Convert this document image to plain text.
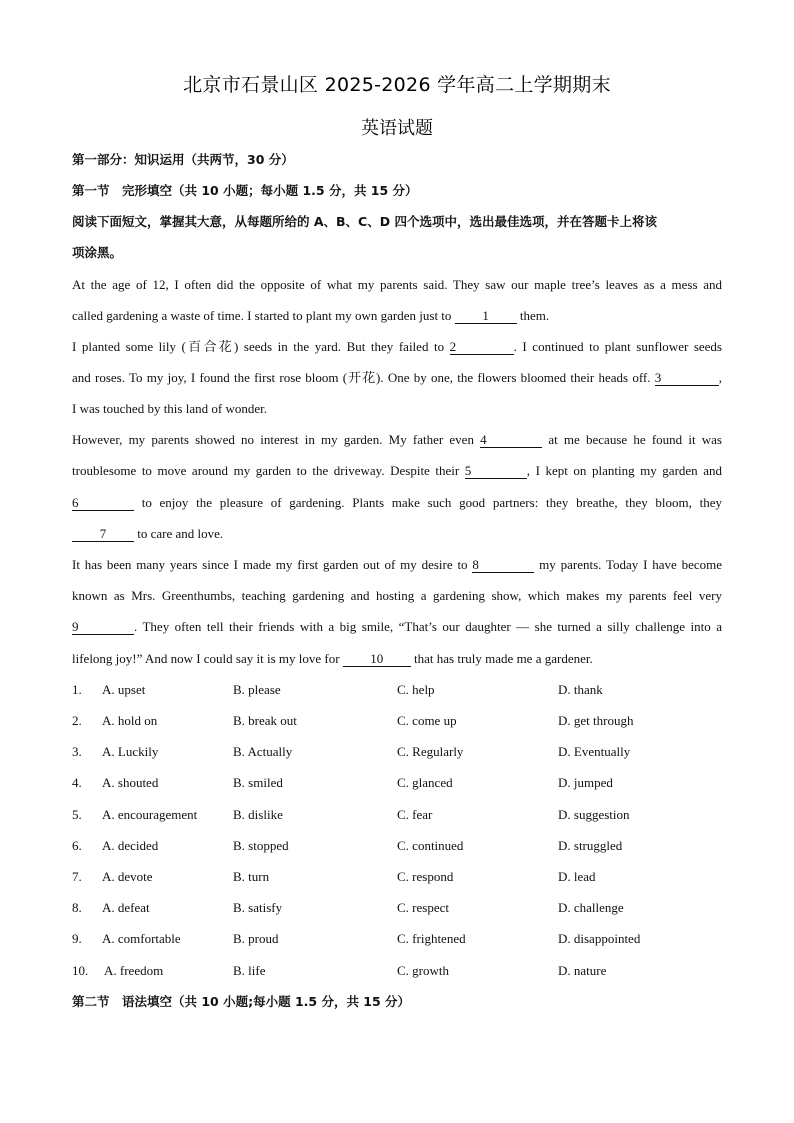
北京市石景山区 2025-2026 学年高二上学期期末
英语试题
第一部分：知识运用（共两节，30 分）
第一节　完形填空（共 10 小题；每小题 1.5 分，共 15 分）
阅读下面短文，掌握其大意，从每题所给的 A、B、C、D 四个选项中，选出最佳选项，并在答题卡上将该
项涂黑。
At the age of 12, I often did the opposite of what my parents said. They saw our maple tree’s leaves as a mess and
called gardening a waste of time. I started to plant my own garden just to 1 them.
I planted some lily (百合花) seeds in the yard. But they failed to 2	. I continued to plant sunflower seeds
and roses. To my joy, I found the first rose bloom (开花). One by one, the flowers bloomed their heads off. 3	,
I was touched by this land of wonder.
However, my parents showed no interest in my garden. My father even 4	at me because he found it was
troublesome to move around my garden to the driveway. Despite their 5	, I kept on planting my garden and
6	to enjoy the pleasure of gardening. Plants make such good partners: they breathe, they bloom, they
7 to care and love.
It has been many years since I made my first garden out of my desire to 8	my parents. Today I have become
known as Mrs. Greenthumbs, teaching gardening and hosting a gardening show, which makes my parents feel very
9	. They often tell their friends with a big smile, “That’s our daughter — she turned a silly challenge into a
lifelong joy!” And now I could say it is my love for 10 that has truly made me a gardener.
1. A. upset	B. please	C. help	D. thank
2. A. hold on	B. break out	C. come up	D. get through
3. A. Luckily	B. Actually	C. Regularly	D. Eventually
4. A. shouted	B. smiled	C. glanced	D. jumped
5. A. encouragement	B. dislike	C. fear	D. suggestion
6. A. decided	B. stopped	C. continued	D. struggled
7. A. devote	B. turn	C. respond	D. lead
8. A. defeat	B. satisfy	C. respect	D. challenge
9. A. comfortable	B. proud	C. frightened	D. disappointed
10. A. freedom	B. life	C. growth	D. nature
第二节　语法填空（共 10 小题;每小题 1.5 分，共 15 分）
